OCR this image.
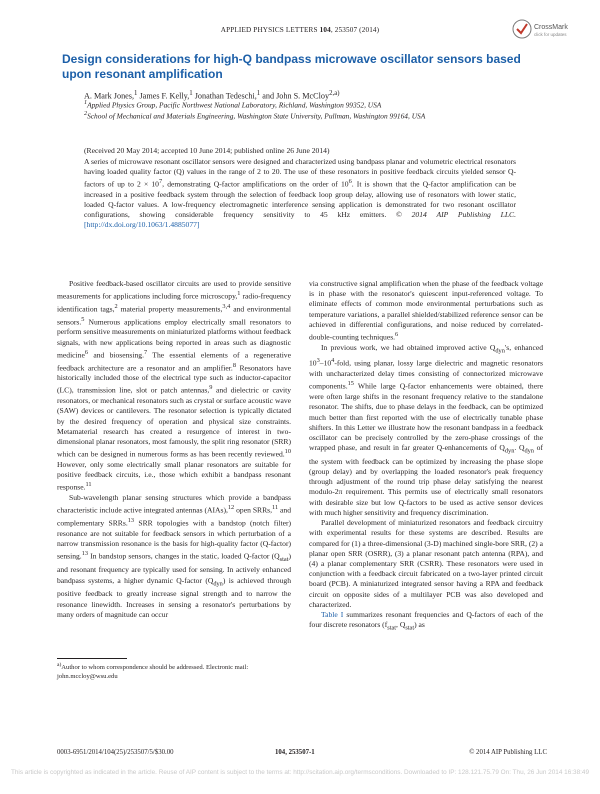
APPLIED PHYSICS LETTERS 104, 253507 (2014)	CrossMark
click for updates
Design considerations for high-Q bandpass microwave oscillator sensors based upon resonant amplification
A. Mark Jones,$^1$ James F. Kelly,$^1$ Jonathan Tedeschi,$^1$ and John S. McCloy$^{2,a)}$

$^1$Applied Physics Group, Pacific Northwest National Laboratory, Richland, Washington 99352, USA

$^2$School of Mechanical and Materials Engineering, Washington State University, Pullman, Washington 99164, USA

(Received 20 May 2014; accepted 10 June 2014; published online 26 June 2014)
A series of microwave resonant oscillator sensors were designed and characterized using bandpass planar and volumetric electrical resonators having loaded quality factor (Q) values in the range of 2 to 20. The use of these resonators in positive feedback circuits yielded sensor Q-factors of up to $2 \times 10^7$, demonstrating Q-factor amplifications on the order of $10^6$. It is shown that the Q-factor amplification can be increased in a positive feedback system through the selection of feedback loop group delay, allowing use of resonators with lower static, loaded Q-factor values. A low-frequency electromagnetic interference sensing application is demonstrated for two resonant oscillator configurations, showing considerable frequency sensitivity to 45 kHz emitters. © 2014 AIP Publishing LLC. [http://dx.doi.org/10.1063/1.4885077]

Positive feedback-based oscillator circuits are used to provide sensitive measurements for applications including force microscopy,$^1$ radio-frequency identification tags,$^2$ material property measurements,$^{3,4}$ and environmental sensors.$^5$ Numerous applications employ electrically small resonators to perform sensitive measurements on miniaturized platforms without feedback signals, with new applications being reported in areas such as diagnostic medicine$^6$ and biosensing.$^7$ The essential elements of a regenerative feedback architecture are a resonator and an amplifier.$^8$ Resonators have historically included those of the electrical type such as inductor-capacitor (LC), transmission line, slot or patch antennas,$^9$ and dielectric or cavity resonators, or mechanical resonators such as crystal or surface acoustic wave (SAW) devices or cantilevers. The resonator selection is typically dictated by the desired frequency of operation and physical size constraints. Metamaterial research has created a resurgence of interest in two-dimensional planar resonators, most famously, the split ring resonator (SRR) which can be designed in numerous forms as has been recently reviewed.$^{10}$ However, only some electrically small planar resonators are suitable for positive feedback circuits, i.e., those which exhibit a bandpass resonant response.$^{11}$

Sub-wavelength planar sensing structures which provide a bandpass characteristic include active integrated antennas (AIAs),$^{12}$ open SRRs,$^{11}$ and complementary SRRs.$^{13}$ SRR topologies with a bandstop (notch filter) resonance are not suitable for feedback sensors in which perturbation of a narrow transmission resonance is the basis for high-quality factor (Q-factor) sensing.$^{13}$ In bandstop sensors, changes in the static, loaded Q-factor $(Q_{stat})$ and resonant frequency are typically used for sensing. In actively enhanced bandpass systems, a higher dynamic Q-factor $(Q_{dyn})$ is achieved through positive feedback to greatly increase signal strength and to narrow the resonance linewidth. Increases in sensing a resonator's perturbations by many orders of magnitude can occur

via constructive signal amplification when the phase of the feedback voltage is in phase with the resonator's quiescent input-referenced voltage. To eliminate effects of common mode environmental perturbations such as temperature variations, a parallel shielded/stabilized reference sensor can be achieved in differential configurations, and noise reduced by correlated-double-counting techniques.$^6$

In previous work, we had obtained improved active $Q_{dyn}'s$, enhanced $10^3-10^4$-fold, using planar, lossy large dielectric and magnetic resonators with uncharacterized delay times consisting of connectorized microwave components.$^{15}$ While large Q-factor enhancements were obtained, there were often large shifts in the resonant frequency relative to the standalone resonator. The shifts, due to phase delays in the feedback, can be optimized much better than first reported with the use of electrically tunable phase shifters. In this Letter we illustrate how the resonant bandpass in a feedback oscillator can be precisely controlled by the zero-phase crossings of the wrapped phase, and result in far greater Q-enhancements of $Q_{dyn}$. $Q_{dyn}$ of the system with feedback can be optimized by increasing the phase slope (group delay) and by overlapping the loaded resonator's peak frequency through adjustment of the round trip phase delay satisfying the nearest modulo-2π requirement. This permits use of electrically small resonators with desirable size but low Q-factors to be used as active sensor devices with much higher sensitivity and frequency discrimination.

Parallel development of miniaturized resonators and feedback circuitry with experimental results for these systems are described. Results are compared for (1) a three-dimensional (3-D) machined single-bore SRR, (2) a planar open SRR (OSRR), (3) a planar resonant patch antenna (RPA), and (4) a planar complementary SRR (CSRR). These resonators were used in conjunction with a feedback circuit fabricated on a two-layer printed circuit board (PCB). A miniaturized integrated sensor having a RPA and feedback circuit on opposite sides of a multilayer PCB was also developed and characterized.

Table I summarizes resonant frequencies and Q-factors of each of the four discrete resonators ($f_{stat}$, $Q_{stat}$) as

$^{a)}$Author to whom correspondence should be addressed. Electronic mail: john.mccloy@wsu.edu
0003-6951/2014/104(25)/253507/5/$30.00	104, 253507-1	© 2014 AIP Publishing LLC
This article is copyrighted as indicated in the article. Reuse of AIP content is subject to the terms at: http://scitation.aip.org/termsconditions. Downloaded to IP: 128.121.75.79 On: Thu, 26 Jun 2014 16:38:49
